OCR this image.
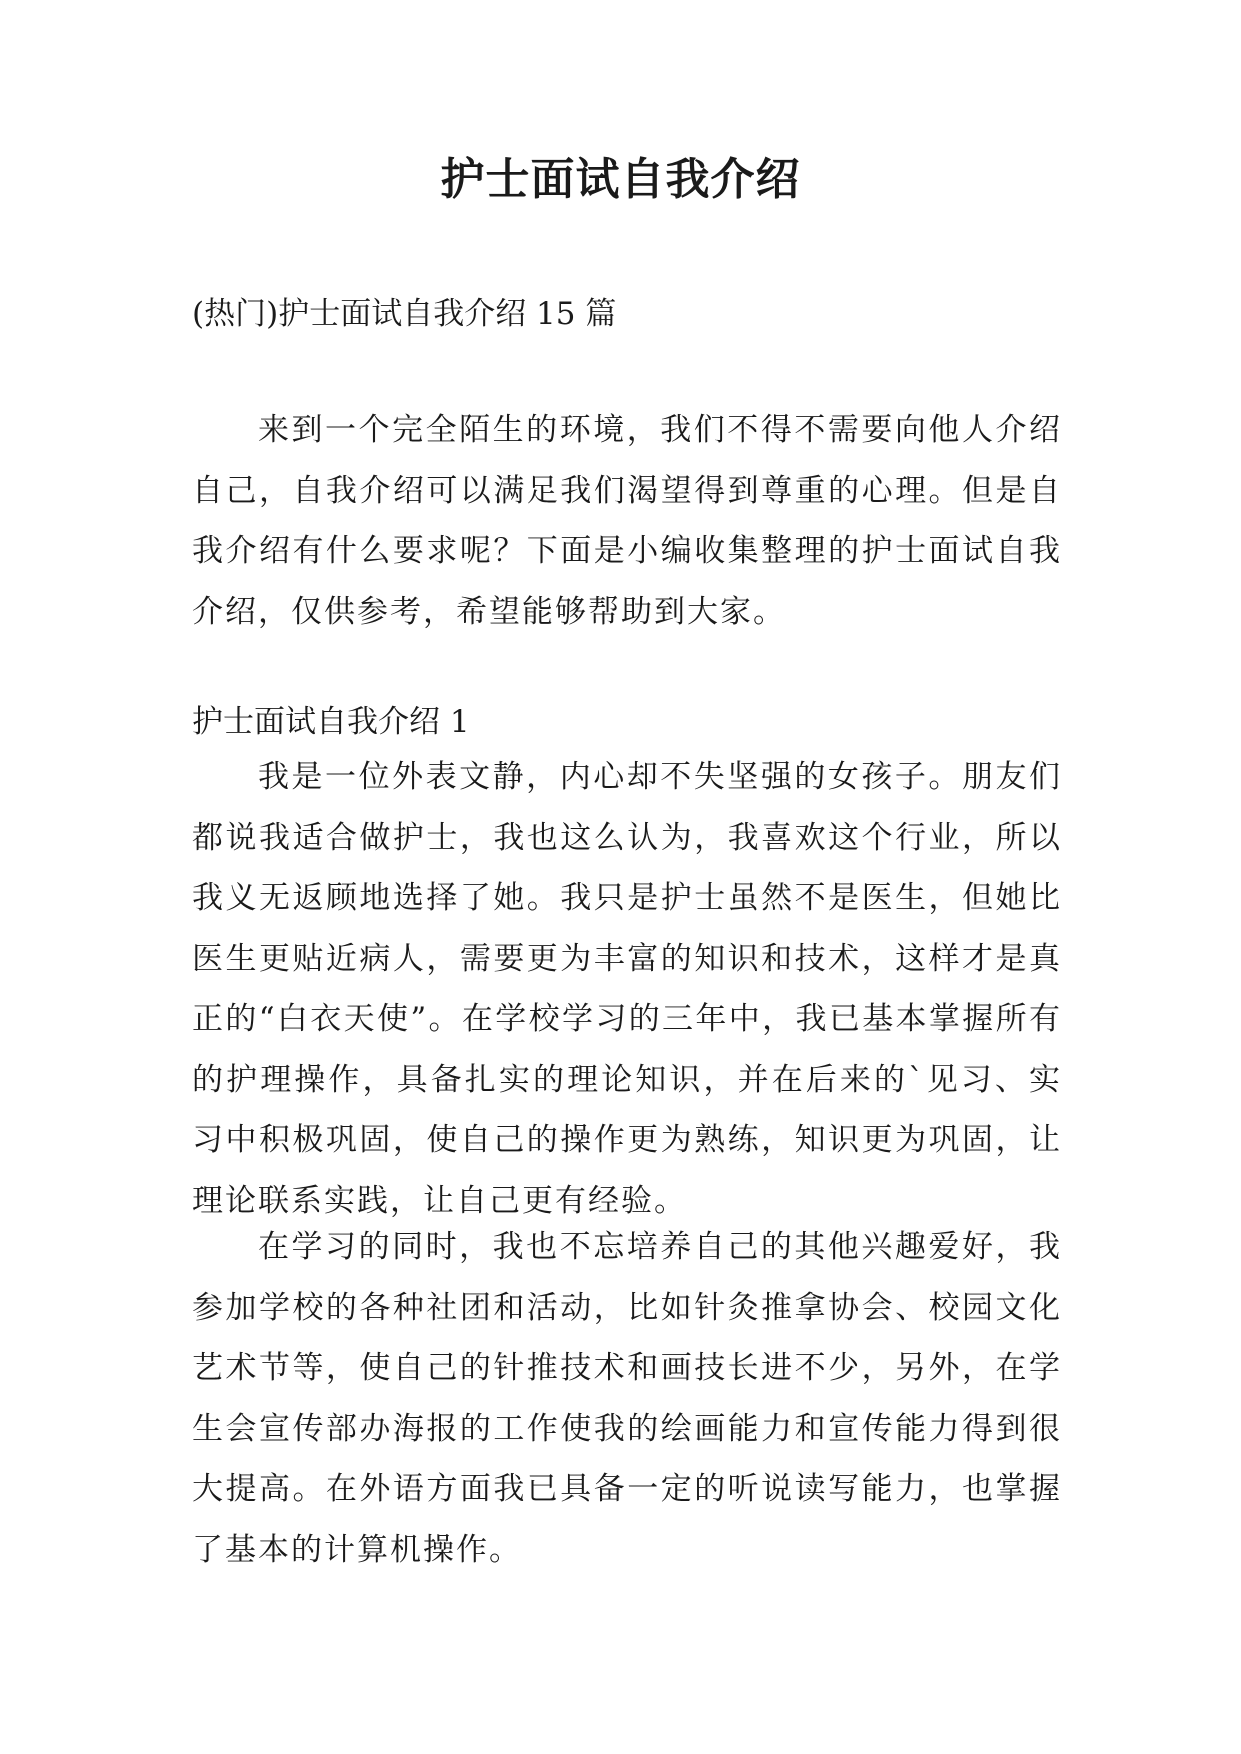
护士面试自我介绍
(热门)护士面试自我介绍 15 篇

来到一个完全陌生的环境，我们不得不需要向他人介绍自己，自我介绍可以满足我们渴望得到尊重的心理。但是自我介绍有什么要求呢？下面是小编收集整理的护士面试自我介绍，仅供参考，希望能够帮助到大家。

护士面试自我介绍 1

我是一位外表文静，内心却不失坚强的女孩子。朋友们都说我适合做护士，我也这么认为，我喜欢这个行业，所以我义无返顾地选择了她。我只是护士虽然不是医生，但她比医生更贴近病人，需要更为丰富的知识和技术，这样才是真正的“白衣天使”。在学校学习的三年中，我已基本掌握所有的护理操作，具备扎实的理论知识，并在后来的`见习、实习中积极巩固，使自己的操作更为熟练，知识更为巩固，让理论联系实践，让自己更有经验。

在学习的同时，我也不忘培养自己的其他兴趣爱好，我参加学校的各种社团和活动，比如针灸推拿协会、校园文化艺术节等，使自己的针推技术和画技长进不少，另外，在学生会宣传部办海报的工作使我的绘画能力和宣传能力得到很大提高。在外语方面我已具备一定的听说读写能力，也掌握了基本的计算机操作。
